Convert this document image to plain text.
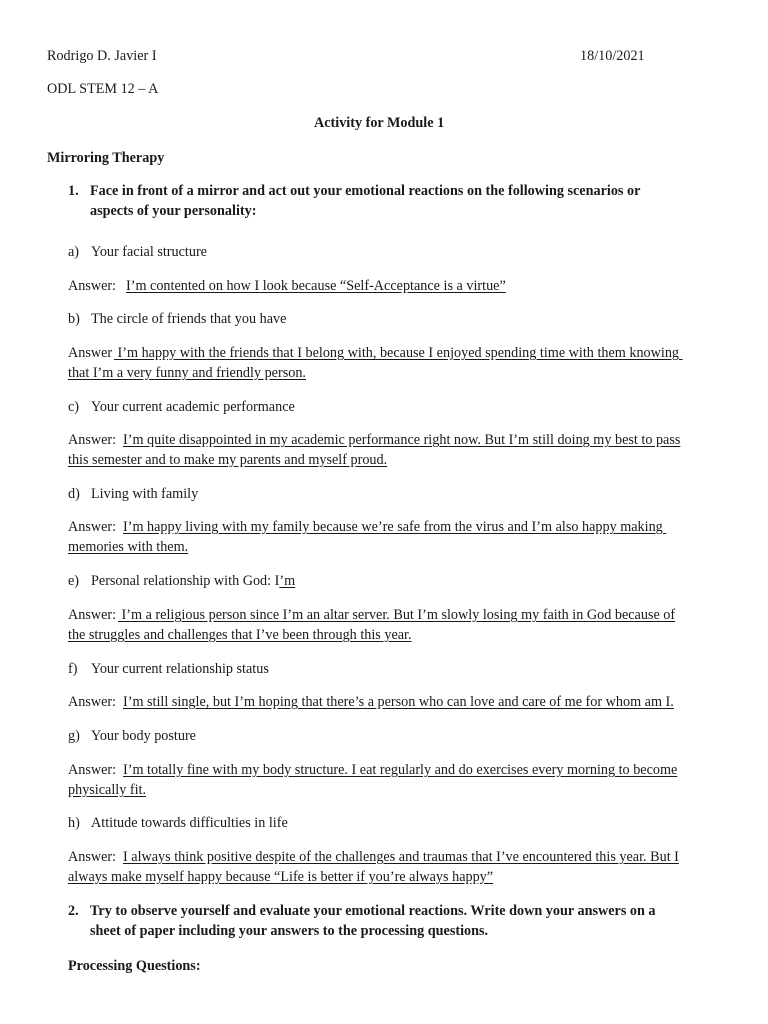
Rodrigo D. Javier I	18/10/2021
ODL STEM 12 – A
Activity for Module 1
Mirroring Therapy
1. Face in front of a mirror and act out your emotional reactions on the following scenarios or
aspects of your personality:
a) Your facial structure
Answer: I’m contented on how I look because “Self-Acceptance is a virtue”
b) The circle of friends that you have
Answer I’m happy with the friends that I belong with, because I enjoyed spending time with them knowing
that I’m a very funny and friendly person.
c) Your current academic performance
Answer: I’m quite disappointed in my academic performance right now. But I’m still doing my best to pass
this semester and to make my parents and myself proud.
d) Living with family
Answer: I’m happy living with my family because we’re safe from the virus and I’m also happy making
memories with them.
e) Personal relationship with God: I’m
Answer: I’m a religious person since I’m an altar server. But I’m slowly losing my faith in God because of
the struggles and challenges that I’ve been through this year.
f) Your current relationship status
Answer: I’m still single, but I’m hoping that there’s a person who can love and care of me for whom am I.
g) Your body posture
Answer: I’m totally fine with my body structure. I eat regularly and do exercises every morning to become
physically fit.
h) Attitude towards difficulties in life
Answer: I always think positive despite of the challenges and traumas that I’ve encountered this year. But I
always make myself happy because “Life is better if you’re always happy”
2. Try to observe yourself and evaluate your emotional reactions. Write down your answers on a
sheet of paper including your answers to the processing questions.
Processing Questions:
